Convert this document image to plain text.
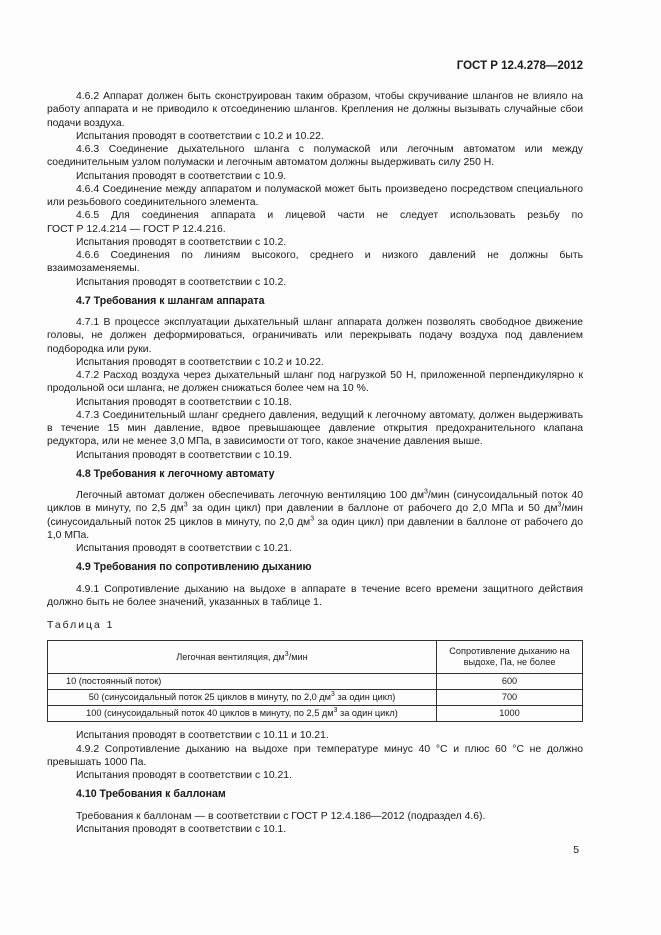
ГОСТ Р 12.4.278—2012

4.6.2 Аппарат должен быть сконструирован таким образом, чтобы скручивание шлангов не влияло на работу аппарата и не приводило к отсоединению шлангов. Крепления не должны вызывать случайные сбои подачи воздуха.

Испытания проводят в соответствии с 10.2 и 10.22.

4.6.3 Соединение дыхательного шланга с полумаской или легочным автоматом или между соединительным узлом полумаски и легочным автоматом должны выдерживать силу 250 Н.

Испытания проводят в соответствии с 10.9.

4.6.4 Соединение между аппаратом и полумаской может быть произведено посредством специального или резьбового соединительного элемента.

4.6.5 Для соединения аппарата и лицевой части не следует использовать резьбу по

ГОСТ Р 12.4.214 — ГОСТ Р 12.4.216.

Испытания проводят в соответствии с 10.2.

4.6.6 Соединения по линиям высокого, среднего и низкого давлений не должны быть взаимозаменяемы.

Испытания проводят в соответствии с 10.2.

4.7 Требования к шлангам аппарата

4.7.1 В процессе эксплуатации дыхательный шланг аппарата должен позволять свободное движение головы, не должен деформироваться, ограничивать или перекрывать подачу воздуха под давлением подбородка или руки.

Испытания проводят в соответствии с 10.2 и 10.22.

4.7.2 Расход воздуха через дыхательный шланг под нагрузкой 50 Н, приложенной перпендикулярно к продольной оси шланга, не должен снижаться более чем на 10 %.

Испытания проводят в соответствии с 10.18.

4.7.3 Соединительный шланг среднего давления, ведущий к легочному автомату, должен выдерживать в течение 15 мин давление, вдвое превышающее давление открытия предохранительного клапана редуктора, или не менее 3,0 МПа, в зависимости от того, какое значение давления выше.

Испытания проводят в соответствии с 10.19.

4.8 Требования к легочному автомату

Легочный автомат должен обеспечивать легочную вентиляцию 100 $дм^3$/мин (синусоидальный поток 40 циклов в минуту, по 2,5 $дм^3$ за один цикл) при давлении в баллоне от рабочего до 2,0 МПа и 50 $дм^3$/мин (синусоидальный поток 25 циклов в минуту, по 2,0 $дм^3$ за один цикл) при давлении в баллоне от рабочего до 1,0 МПа.

Испытания проводят в соответствии с 10.21.

4.9 Требования по сопротивлению дыханию

4.9.1 Сопротивление дыханию на выдохе в аппарате в течение всего времени защитного действия должно быть не более значений, указанных в таблице 1.

Таблица 1
Легочная вентиляция, $дм^3$/мин	Сопротивление дыханию на выдохе, Па, не более
10 (постоянный поток)	600
50 (синусоидальный поток 25 циклов в минуту, по 2,0 $дм^3$ за один цикл)	700
100 (синусоидальный поток 40 циклов в минуту, по 2,5 $дм^3$ за один цикл)	1000

Испытания проводят в соответствии с 10.11 и 10.21.

4.9.2 Сопротивление дыханию на выдохе при температуре минус 40 °С и плюс 60 °С не должно превышать 1000 Па.

Испытания проводят в соответствии с 10.21.

4.10 Требования к баллонам

Требования к баллонам — в соответствии с ГОСТ Р 12.4.186—2012 (подраздел 4.6).

Испытания проводят в соответствии с 10.1.

5
